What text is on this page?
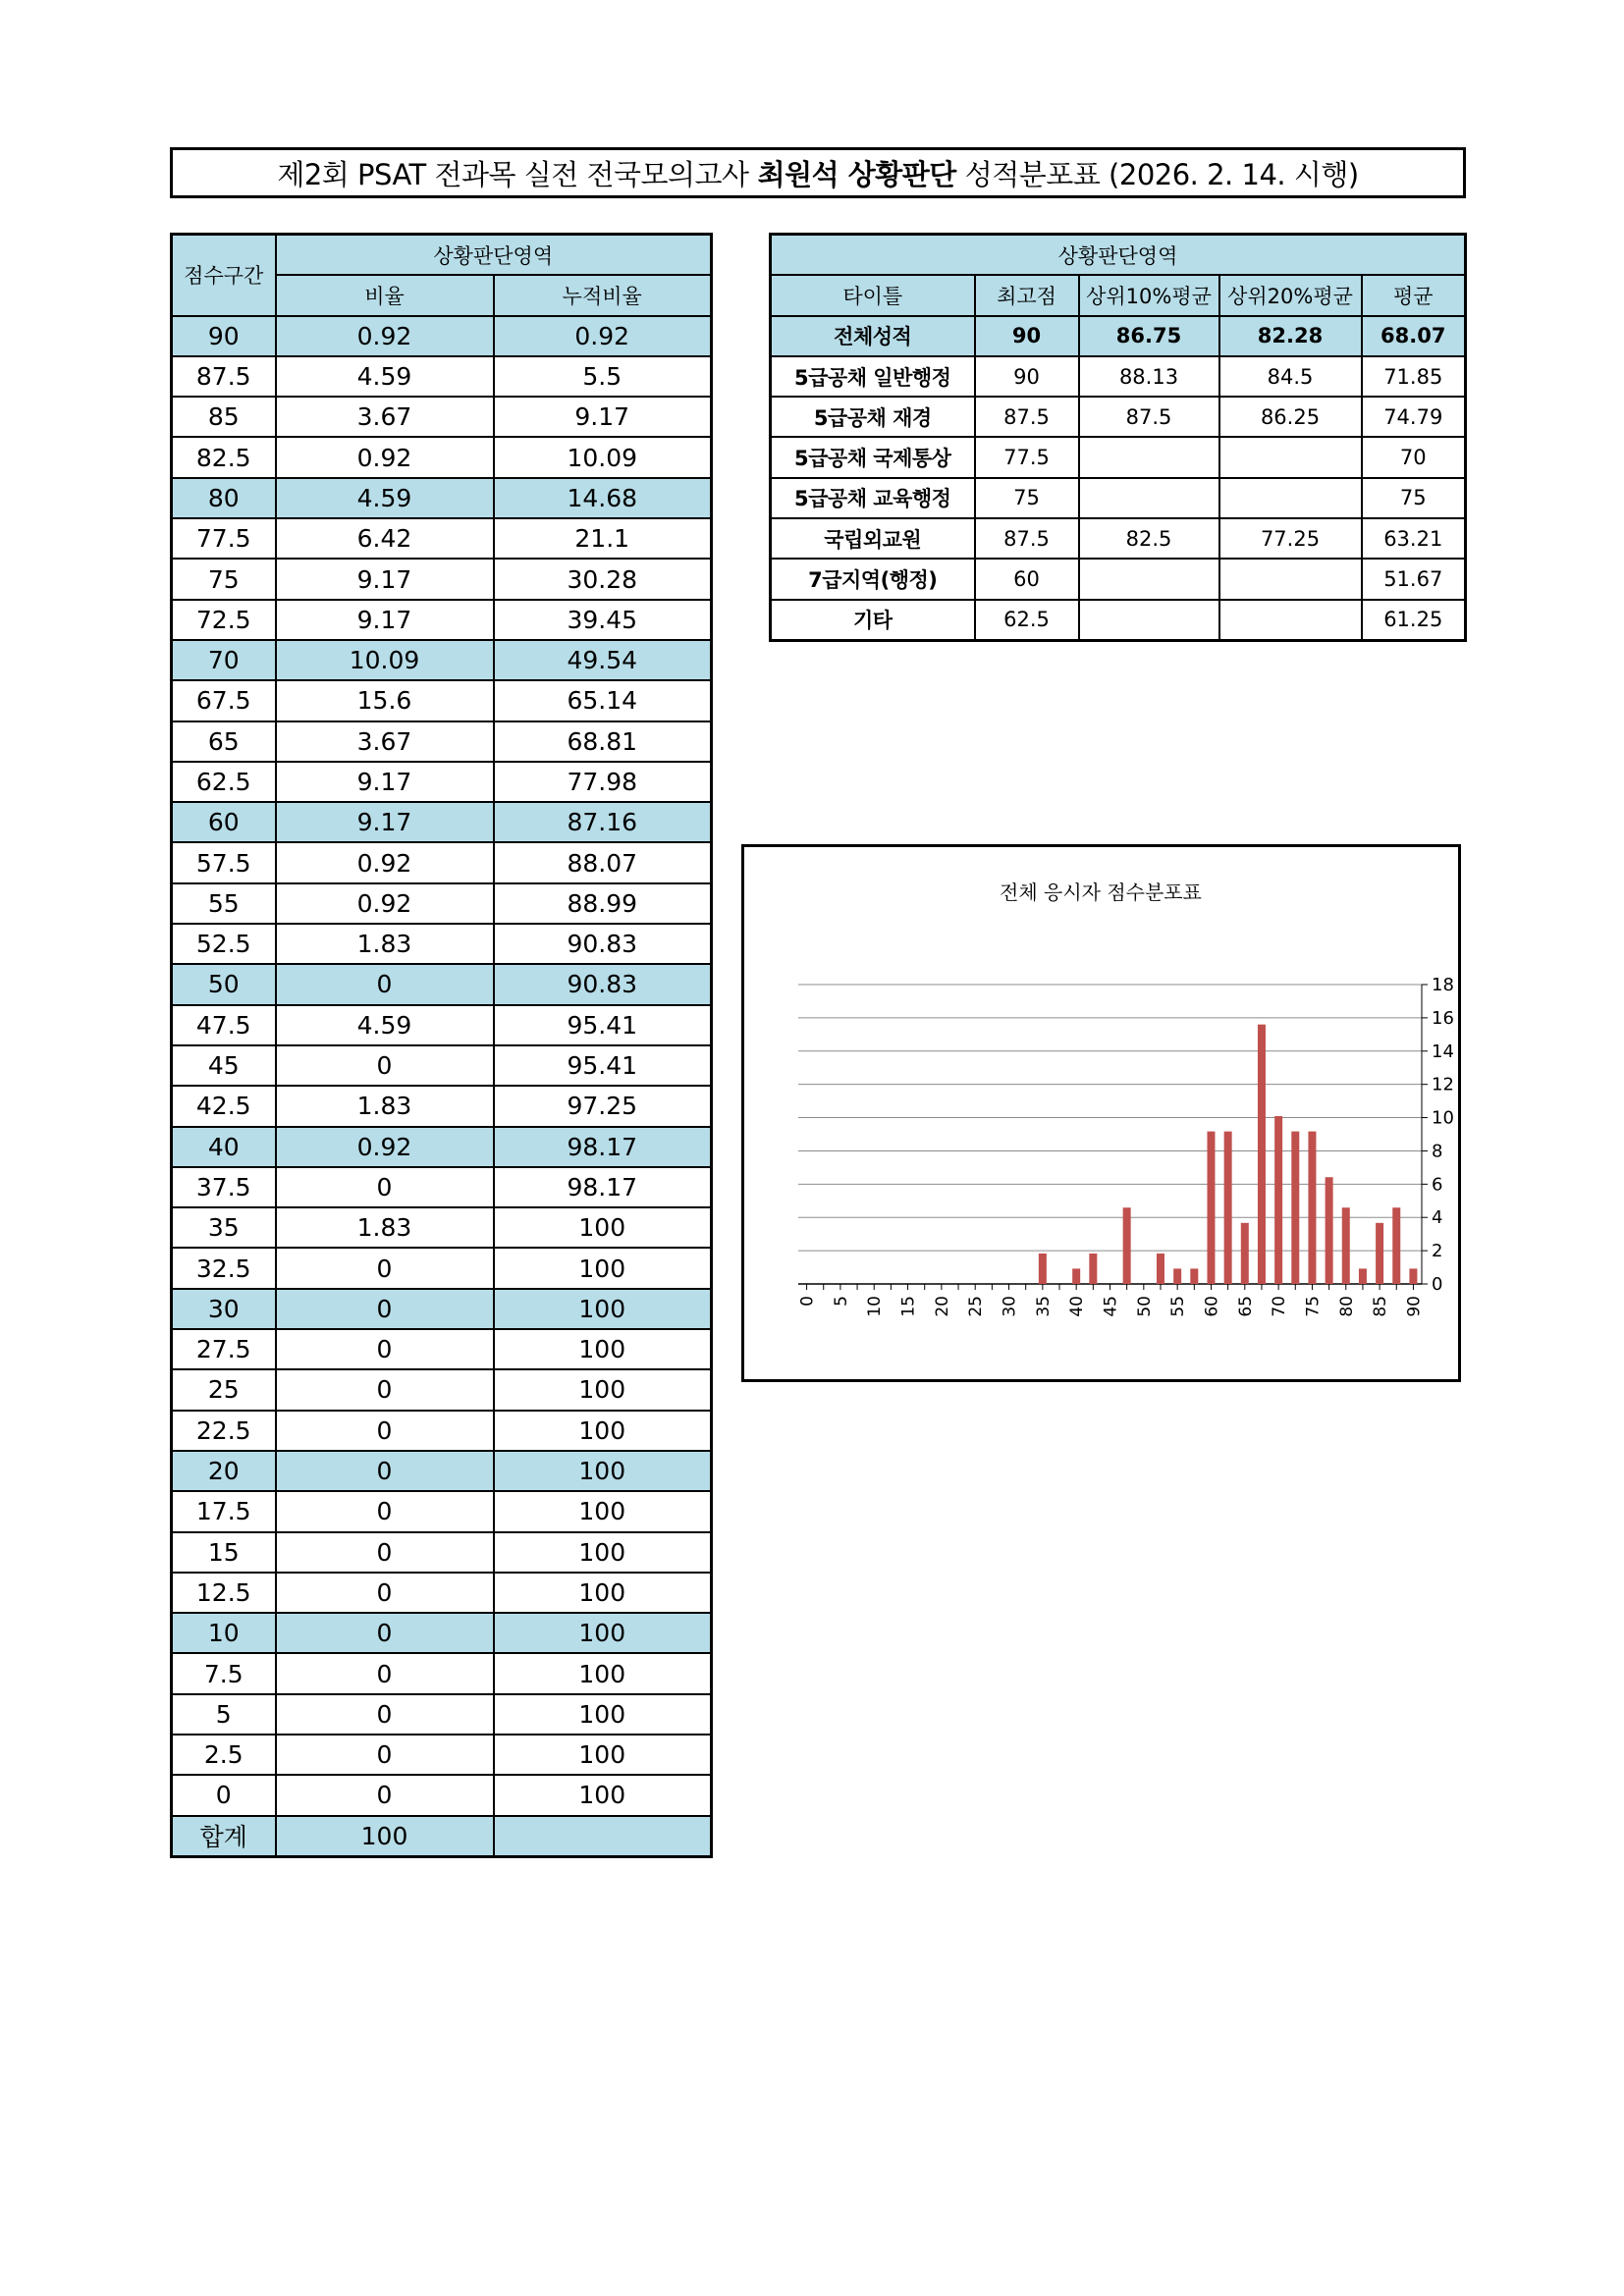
제2회 PSAT 전과목 실전 전국모의고사 최원석 상황판단 성적분포표 (2026. 2. 14. 시행)
점수구간	상황판단영역	
	비율	누적비율
90	0.92	0.92
87.5	4.59	5.5
85	3.67	9.17
82.5	0.92	10.09
80	4.59	14.68
77.5	6.42	21.1
75	9.17	30.28
72.5	9.17	39.45
70	10.09	49.54
67.5	15.6	65.14
65	3.67	68.81
62.5	9.17	77.98
60	9.17	87.16
57.5	0.92	88.07
55	0.92	88.99
52.5	1.83	90.83
50	0	90.83
47.5	4.59	95.41
45	0	95.41
42.5	1.83	97.25
40	0.92	98.17
37.5	0	98.17
35	1.83	100
32.5	0	100
30	0	100
27.5	0	100
25	0	100
22.5	0	100
20	0	100
17.5	0	100
15	0	100
12.5	0	100
10	0	100
7.5	0	100
5	0	100
2.5	0	100
0	0	100
합계	100	
상황판단영역				
타이틀	최고점	상위10%평균	상위20%평균	평균
전체성적	90	86.75	82.28	68.07
5급공채 일반행정	90	88.13	84.5	71.85
5급공채 재경	87.5	87.5	86.25	74.79
5급공채 국제통상	77.5			70
5급공채 교육행정	75			75
국립외교원	87.5	82.5	77.25	63.21
7급지역(행정)	60			51.67
기타	62.5			61.25
전체 응시자 점수분포표
0
2
4
6
8
10
12
14
16
18
0 5 10 15 20 25 30 35 40 45 50 55 60 65 70 75 80 85 90
